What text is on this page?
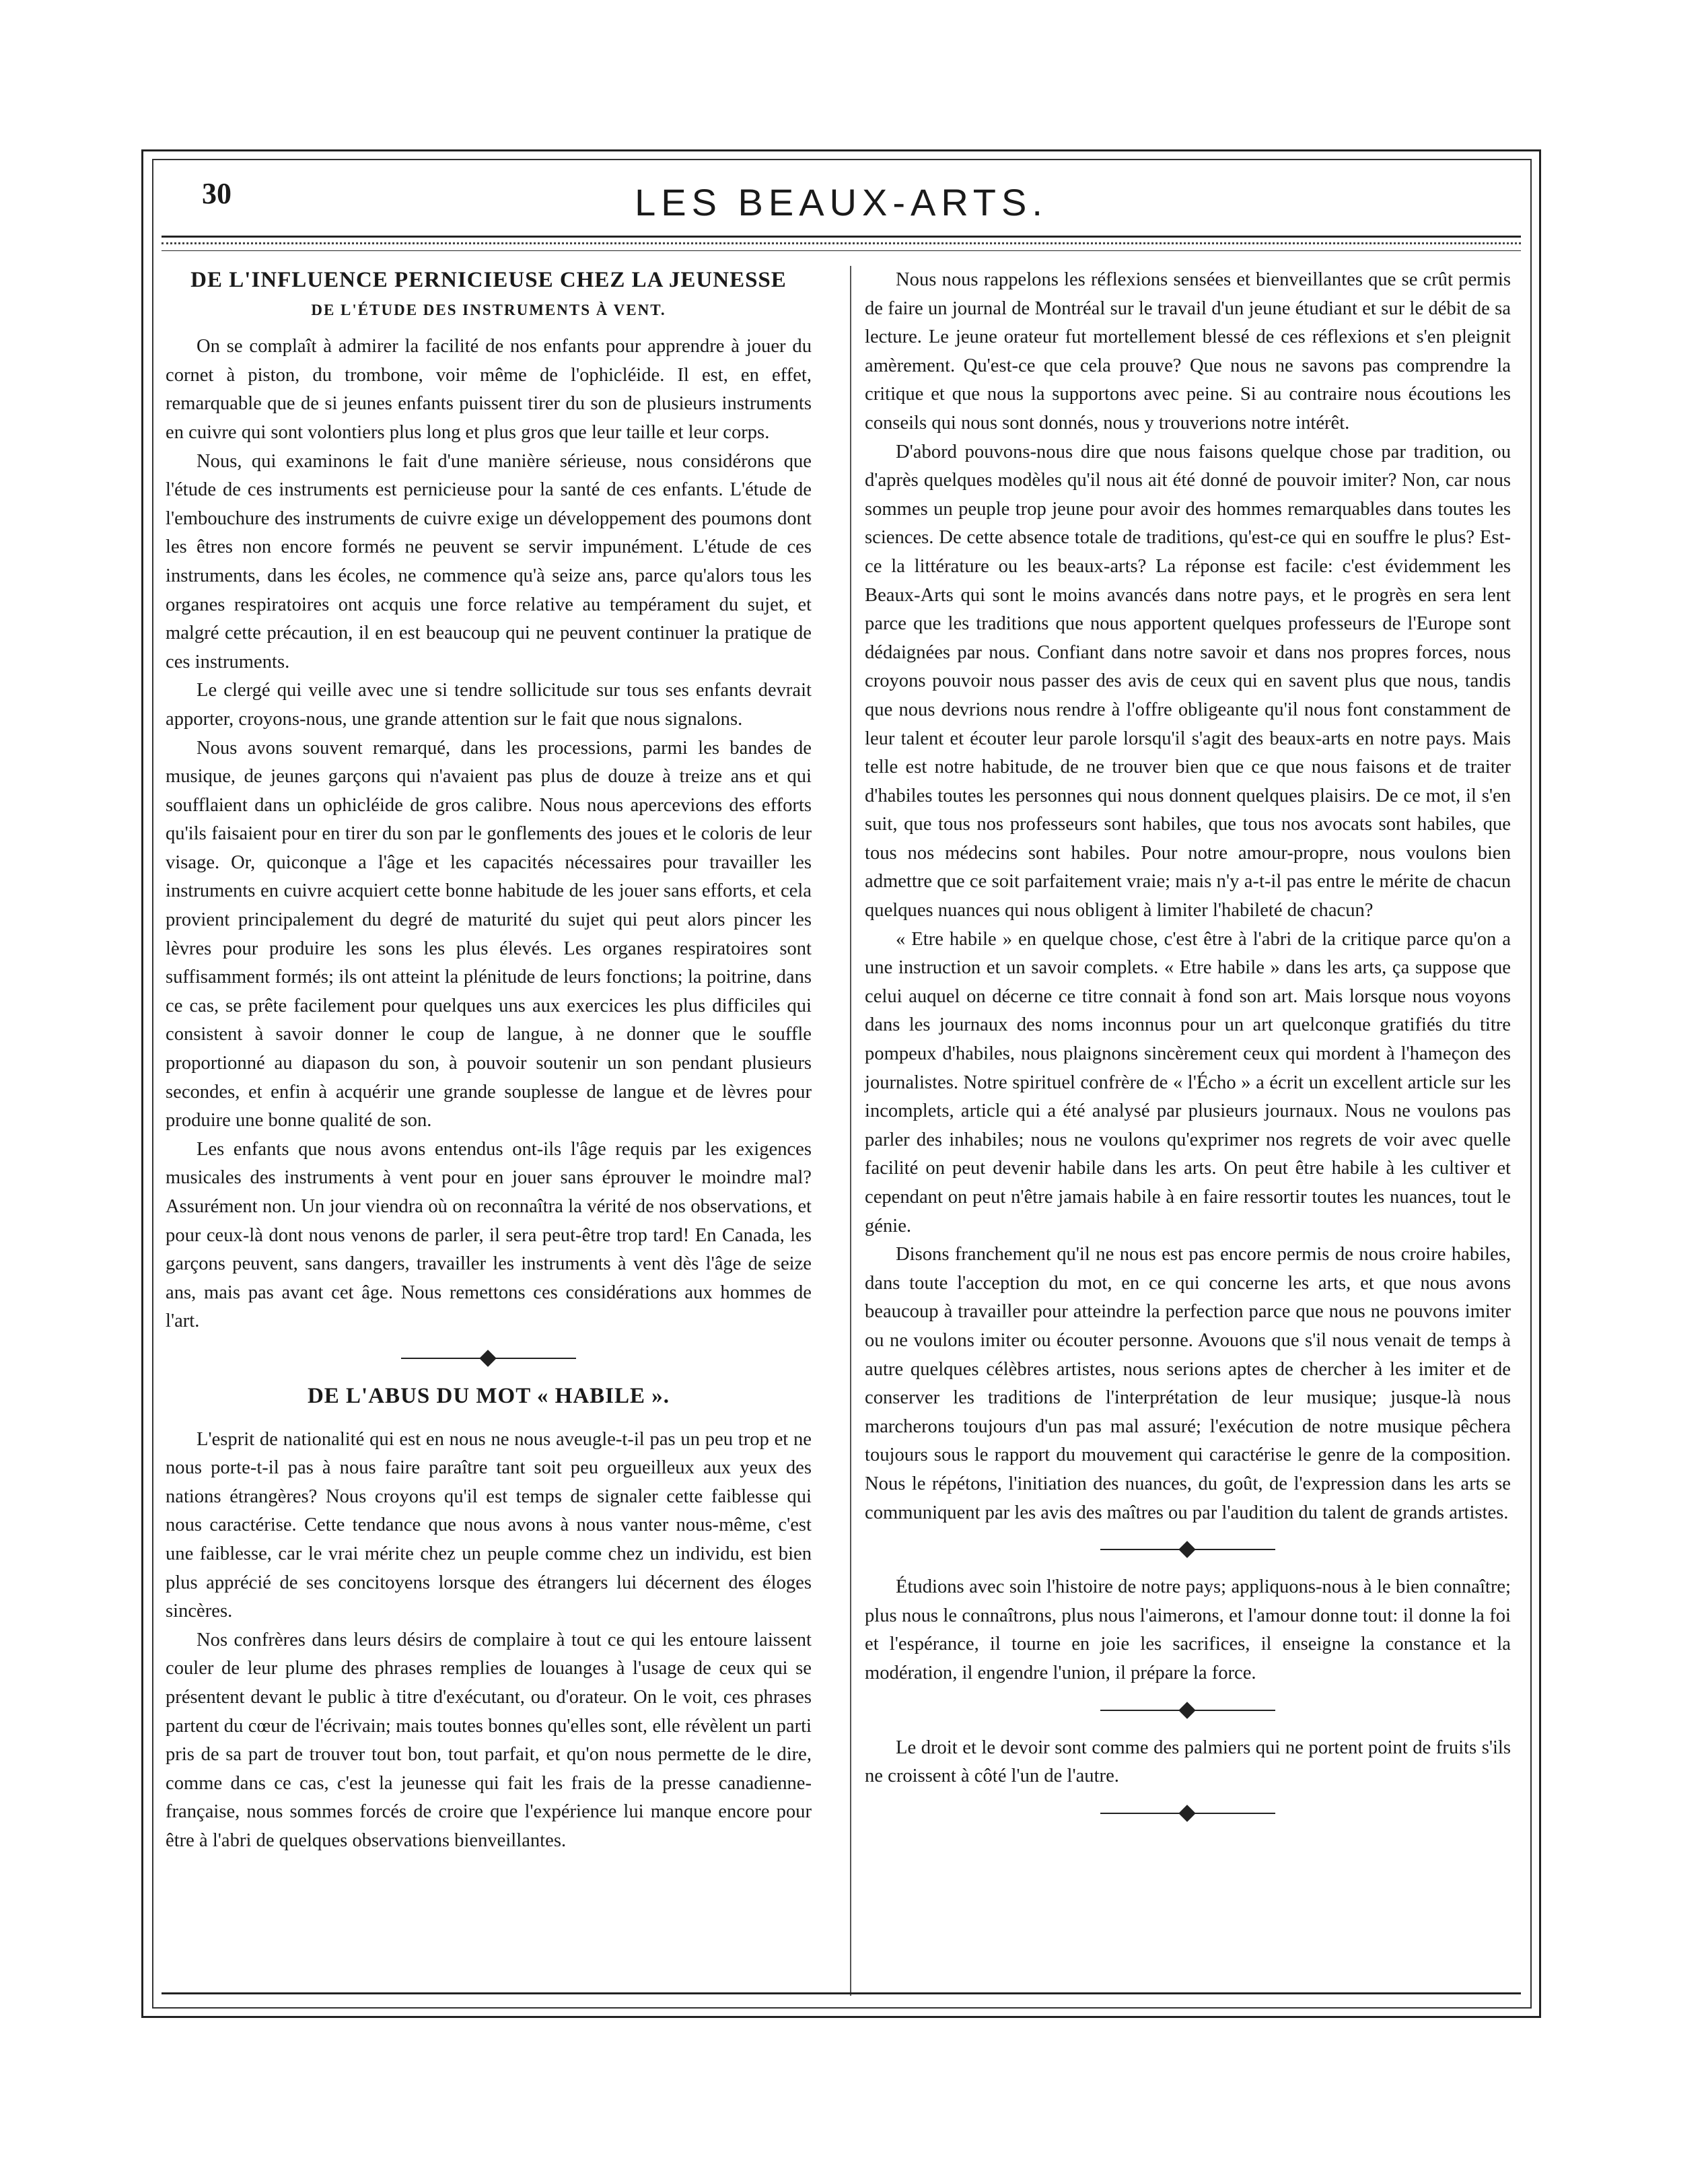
30	LES BEAUX-ARTS.
DE L'INFLUENCE PERNICIEUSE CHEZ LA JEUNESSE
DE L'ÉTUDE DES INSTRUMENTS À VENT.

On se complaît à admirer la facilité de nos enfants pour apprendre à jouer du cornet à piston, du trombone, voir même de l'ophicléide. Il est, en effet, remarquable que de si jeunes enfants puissent tirer du son de plusieurs instruments en cuivre qui sont volontiers plus long et plus gros que leur taille et leur corps.

Nous, qui examinons le fait d'une manière sérieuse, nous considérons que l'étude de ces instruments est pernicieuse pour la santé de ces enfants. L'étude de l'embouchure des instruments de cuivre exige un développement des poumons dont les êtres non encore formés ne peuvent se servir impunément. L'étude de ces instruments, dans les écoles, ne commence qu'à seize ans, parce qu'alors tous les organes respiratoires ont acquis une force relative au tempérament du sujet, et malgré cette précaution, il en est beaucoup qui ne peuvent continuer la pratique de ces instruments.

Le clergé qui veille avec une si tendre sollicitude sur tous ses enfants devrait apporter, croyons-nous, une grande attention sur le fait que nous signalons.

Nous avons souvent remarqué, dans les processions, parmi les bandes de musique, de jeunes garçons qui n'avaient pas plus de douze à treize ans et qui soufflaient dans un ophicléide de gros calibre. Nous nous apercevions des efforts qu'ils faisaient pour en tirer du son par le gonflements des joues et le coloris de leur visage. Or, quiconque a l'âge et les capacités nécessaires pour travailler les instruments en cuivre acquiert cette bonne habitude de les jouer sans efforts, et cela provient principalement du degré de maturité du sujet qui peut alors pincer les lèvres pour produire les sons les plus élevés. Les organes respiratoires sont suffisamment formés; ils ont atteint la plénitude de leurs fonctions; la poitrine, dans ce cas, se prête facilement pour quelques uns aux exercices les plus difficiles qui consistent à savoir donner le coup de langue, à ne donner que le souffle proportionné au diapason du son, à pouvoir soutenir un son pendant plusieurs secondes, et enfin à acquérir une grande souplesse de langue et de lèvres pour produire une bonne qualité de son.

Les enfants que nous avons entendus ont-ils l'âge requis par les exigences musicales des instruments à vent pour en jouer sans éprouver le moindre mal? Assurément non. Un jour viendra où on reconnaîtra la vérité de nos observations, et pour ceux-là dont nous venons de parler, il sera peut-être trop tard! En Canada, les garçons peuvent, sans dangers, travailler les instruments à vent dès l'âge de seize ans, mais pas avant cet âge. Nous remettons ces considérations aux hommes de l'art.

DE L'ABUS DU MOT « HABILE ».

L'esprit de nationalité qui est en nous ne nous aveugle-t-il pas un peu trop et ne nous porte-t-il pas à nous faire paraître tant soit peu orgueilleux aux yeux des nations étrangères? Nous croyons qu'il est temps de signaler cette faiblesse qui nous caractérise. Cette tendance que nous avons à nous vanter nous-même, c'est une faiblesse, car le vrai mérite chez un peuple comme chez un individu, est bien plus apprécié de ses concitoyens lorsque des étrangers lui décernent des éloges sincères.

Nos confrères dans leurs désirs de complaire à tout ce qui les entoure laissent couler de leur plume des phrases remplies de louanges à l'usage de ceux qui se présentent devant le public à titre d'exécutant, ou d'orateur. On le voit, ces phrases partent du cœur de l'écrivain; mais toutes bonnes qu'elles sont, elle révèlent un parti pris de sa part de trouver tout bon, tout parfait, et qu'on nous permette de le dire, comme dans ce cas, c'est la jeunesse qui fait les frais de la presse canadienne-française, nous sommes forcés de croire que l'expérience lui manque encore pour être à l'abri de quelques observations bienveillantes.

Nous nous rappelons les réflexions sensées et bienveillantes que se crût permis de faire un journal de Montréal sur le travail d'un jeune étudiant et sur le débit de sa lecture. Le jeune orateur fut mortellement blessé de ces réflexions et s'en pleignit amèrement. Qu'est-ce que cela prouve? Que nous ne savons pas comprendre la critique et que nous la supportons avec peine. Si au contraire nous écoutions les conseils qui nous sont donnés, nous y trouverions notre intérêt.

D'abord pouvons-nous dire que nous faisons quelque chose par tradition, ou d'après quelques modèles qu'il nous ait été donné de pouvoir imiter? Non, car nous sommes un peuple trop jeune pour avoir des hommes remarquables dans toutes les sciences. De cette absence totale de traditions, qu'est-ce qui en souffre le plus? Est-ce la littérature ou les beaux-arts? La réponse est facile: c'est évidemment les Beaux-Arts qui sont le moins avancés dans notre pays, et le progrès en sera lent parce que les traditions que nous apportent quelques professeurs de l'Europe sont dédaignées par nous. Confiant dans notre savoir et dans nos propres forces, nous croyons pouvoir nous passer des avis de ceux qui en savent plus que nous, tandis que nous devrions nous rendre à l'offre obligeante qu'il nous font constamment de leur talent et écouter leur parole lorsqu'il s'agit des beaux-arts en notre pays. Mais telle est notre habitude, de ne trouver bien que ce que nous faisons et de traiter d'habiles toutes les personnes qui nous donnent quelques plaisirs. De ce mot, il s'en suit, que tous nos professeurs sont habiles, que tous nos avocats sont habiles, que tous nos médecins sont habiles. Pour notre amour-propre, nous voulons bien admettre que ce soit parfaitement vraie; mais n'y a-t-il pas entre le mérite de chacun quelques nuances qui nous obligent à limiter l'habileté de chacun?

« Etre habile » en quelque chose, c'est être à l'abri de la critique parce qu'on a une instruction et un savoir complets. « Etre habile » dans les arts, ça suppose que celui auquel on décerne ce titre connait à fond son art. Mais lorsque nous voyons dans les journaux des noms inconnus pour un art quelconque gratifiés du titre pompeux d'habiles, nous plaignons sincèrement ceux qui mordent à l'hameçon des journalistes. Notre spirituel confrère de « l'Écho » a écrit un excellent article sur les incomplets, article qui a été analysé par plusieurs journaux. Nous ne voulons pas parler des inhabiles; nous ne voulons qu'exprimer nos regrets de voir avec quelle facilité on peut devenir habile dans les arts. On peut être habile à les cultiver et cependant on peut n'être jamais habile à en faire ressortir toutes les nuances, tout le génie.

Disons franchement qu'il ne nous est pas encore permis de nous croire habiles, dans toute l'acception du mot, en ce qui concerne les arts, et que nous avons beaucoup à travailler pour atteindre la perfection parce que nous ne pouvons imiter ou ne voulons imiter ou écouter personne. Avouons que s'il nous venait de temps à autre quelques célèbres artistes, nous serions aptes de chercher à les imiter et de conserver les traditions de l'interprétation de leur musique; jusque-là nous marcherons toujours d'un pas mal assuré; l'exécution de notre musique pêchera toujours sous le rapport du mouvement qui caractérise le genre de la composition. Nous le répétons, l'initiation des nuances, du goût, de l'expression dans les arts se communiquent par les avis des maîtres ou par l'audition du talent de grands artistes.

Étudions avec soin l'histoire de notre pays; appliquons-nous à le bien connaître; plus nous le connaîtrons, plus nous l'aimerons, et l'amour donne tout: il donne la foi et l'espérance, il tourne en joie les sacrifices, il enseigne la constance et la modération, il engendre l'union, il prépare la force.

Le droit et le devoir sont comme des palmiers qui ne portent point de fruits s'ils ne croissent à côté l'un de l'autre.
